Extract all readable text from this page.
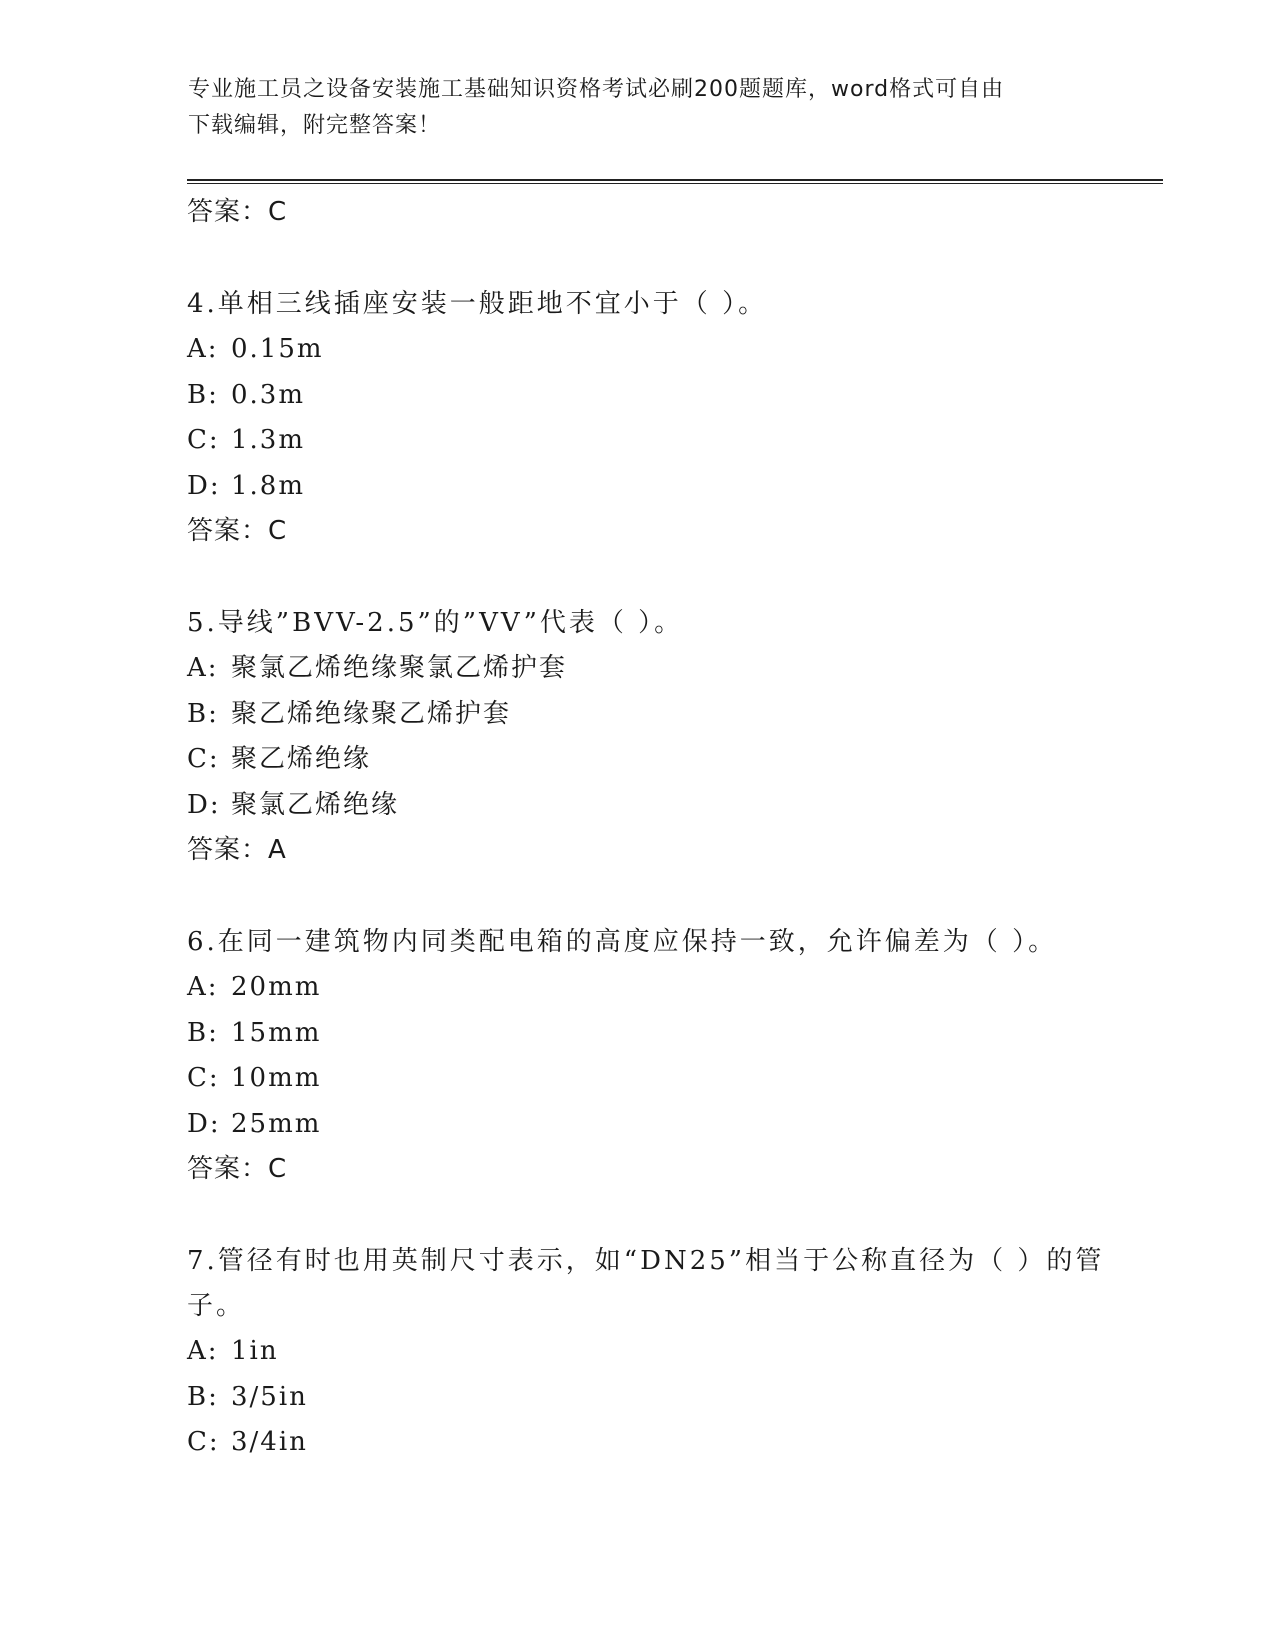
专业施工员之设备安装施工基础知识资格考试必刷200题题库，word格式可自由
下载编辑，附完整答案！
答案：C
4.单相三线插座安装一般距地不宜小于（ ）。
A: 0.15m
B: 0.3m
C: 1.3m
D: 1.8m
答案：C
5.导线”BVV-2.5”的”VV”代表（ ）。
A: 聚氯乙烯绝缘聚氯乙烯护套
B: 聚乙烯绝缘聚乙烯护套
C: 聚乙烯绝缘
D: 聚氯乙烯绝缘
答案：A
6.在同一建筑物内同类配电箱的高度应保持一致，允许偏差为（ ）。
A: 20mm
B: 15mm
C: 10mm
D: 25mm
答案：C
7.管径有时也用英制尺寸表示，如“DN25”相当于公称直径为（ ）的管子。
A: 1in
B: 3/5in
C: 3/4in
